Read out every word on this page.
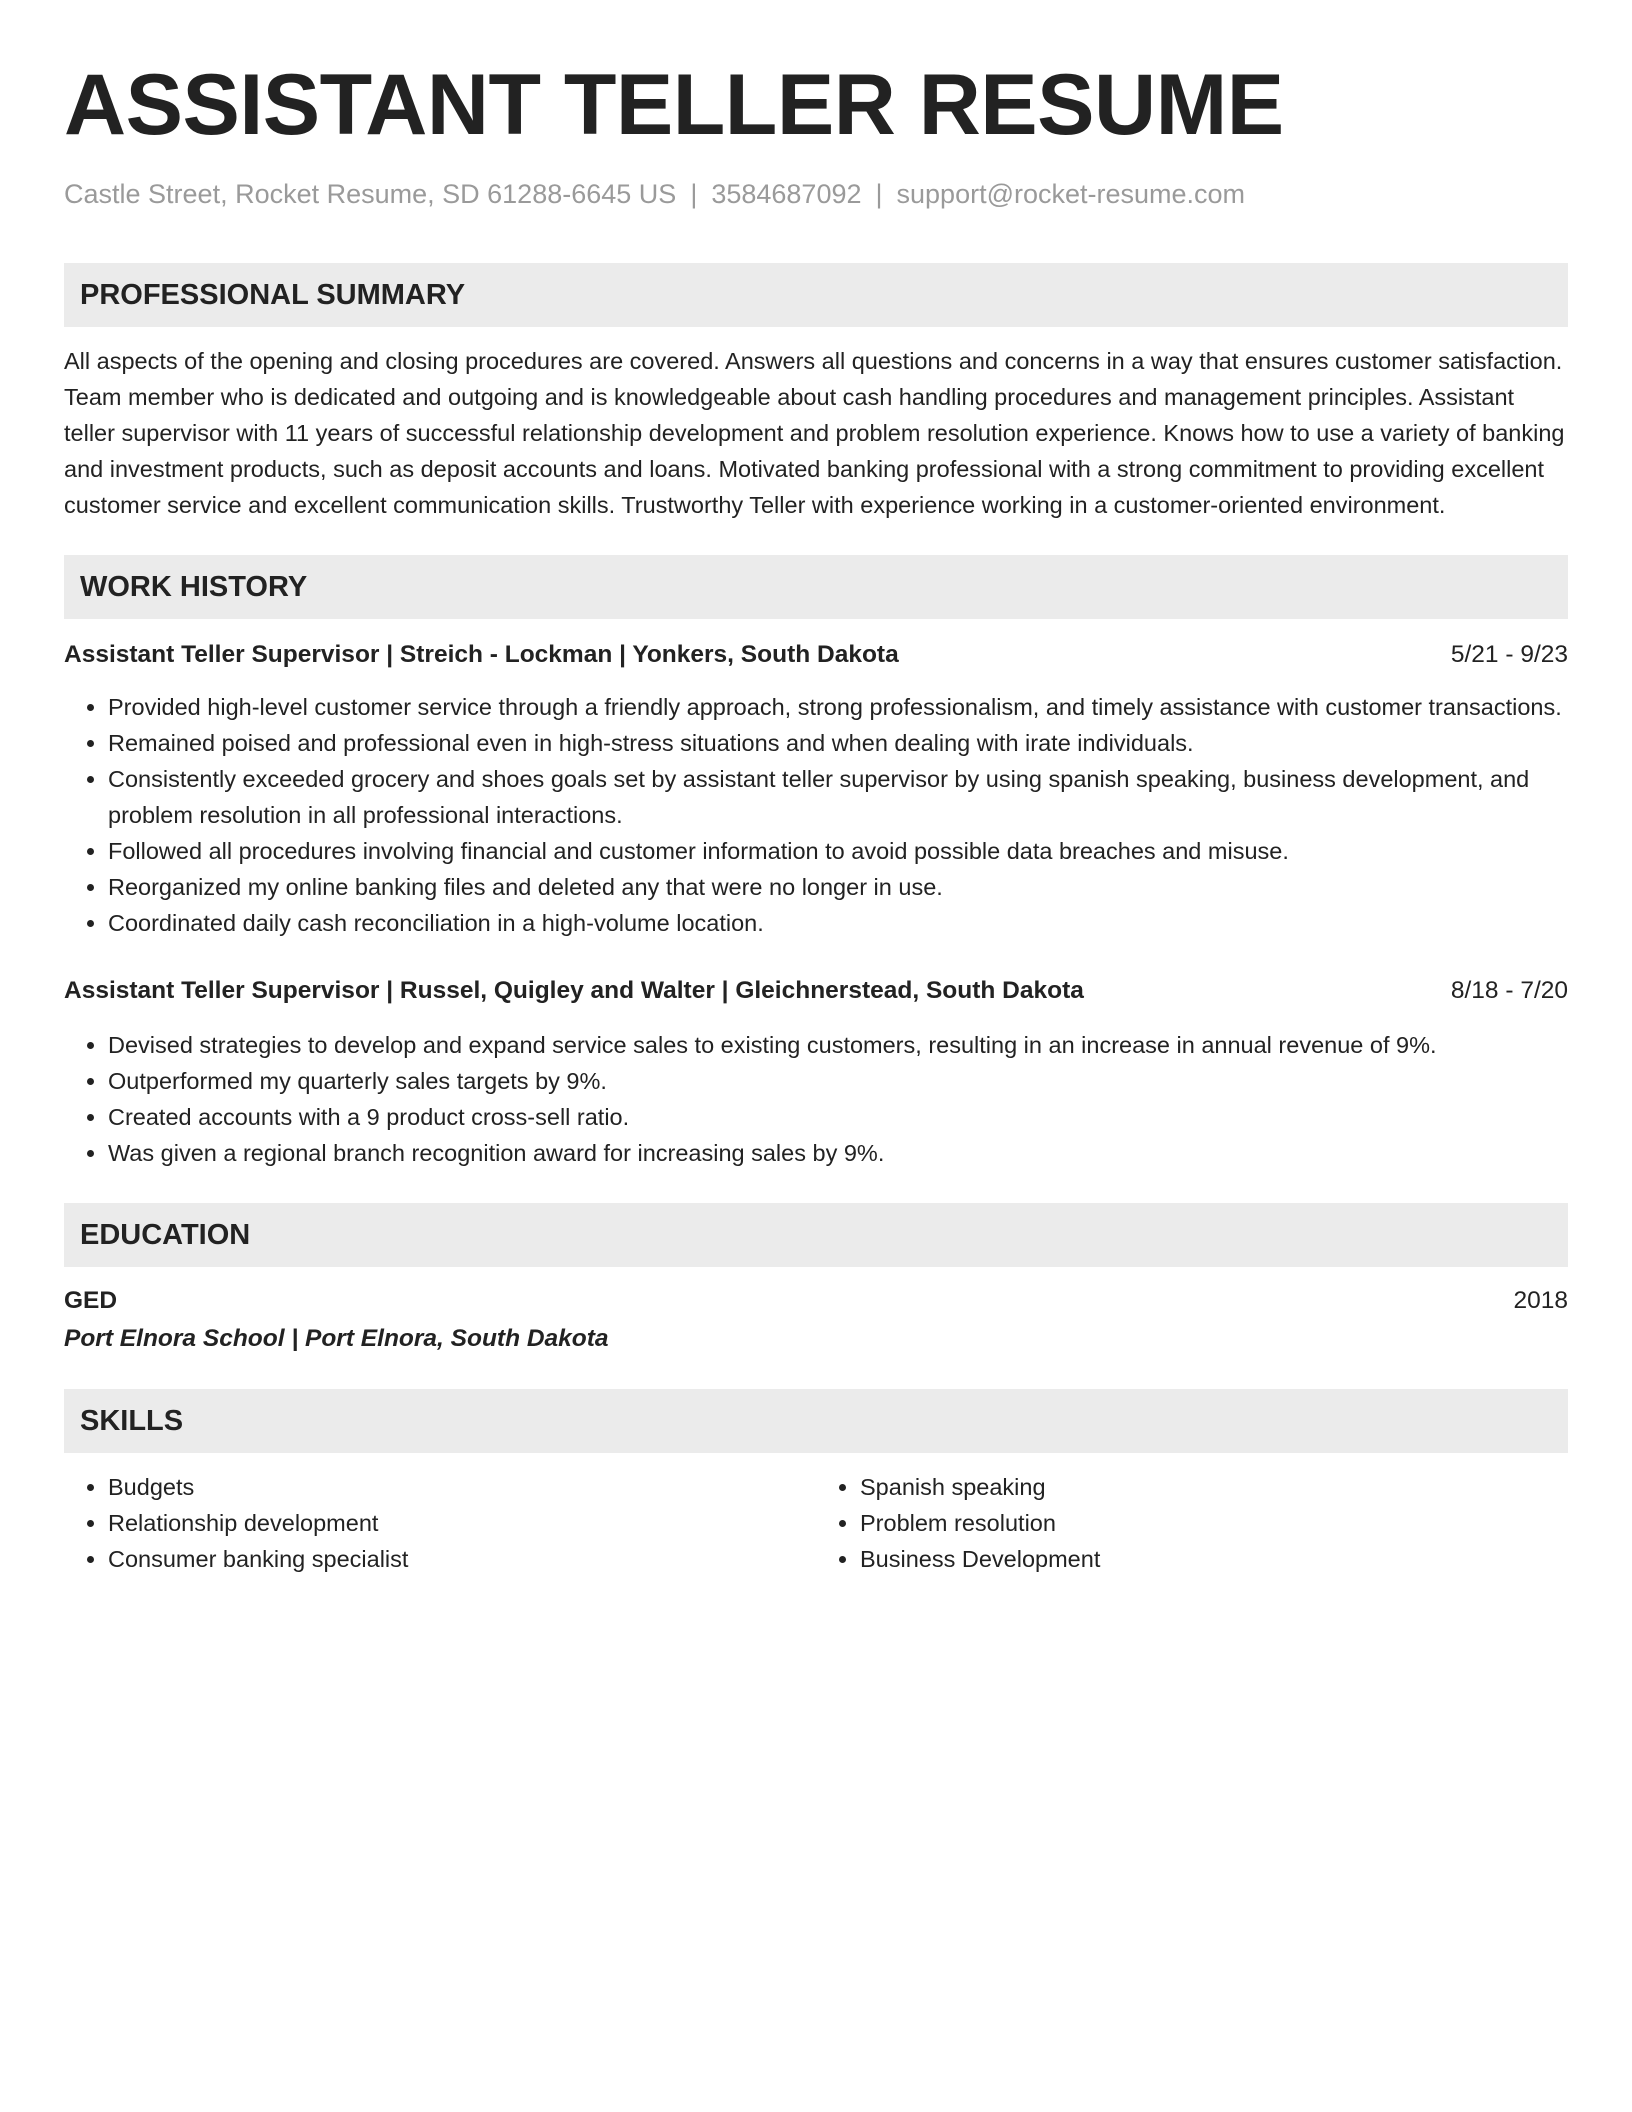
ASSISTANT TELLER RESUME
Castle Street, Rocket Resume, SD 61288-6645 US | 3584687092 | support@rocket-resume.com
PROFESSIONAL SUMMARY
All aspects of the opening and closing procedures are covered. Answers all questions and concerns in a way that ensures customer satisfaction. Team member who is dedicated and outgoing and is knowledgeable about cash handling procedures and management principles. Assistant teller supervisor with 11 years of successful relationship development and problem resolution experience. Knows how to use a variety of banking and investment products, such as deposit accounts and loans. Motivated banking professional with a strong commitment to providing excellent customer service and excellent communication skills. Trustworthy Teller with experience working in a customer-oriented environment.
WORK HISTORY
Assistant Teller Supervisor | Streich - Lockman | Yonkers, South Dakota	5/21 - 9/23
• Provided high-level customer service through a friendly approach, strong professionalism, and timely assistance with customer transactions.
• Remained poised and professional even in high-stress situations and when dealing with irate individuals.
• Consistently exceeded grocery and shoes goals set by assistant teller supervisor by using spanish speaking, business development, and problem resolution in all professional interactions.
• Followed all procedures involving financial and customer information to avoid possible data breaches and misuse.
• Reorganized my online banking files and deleted any that were no longer in use.
• Coordinated daily cash reconciliation in a high-volume location.
Assistant Teller Supervisor | Russel, Quigley and Walter | Gleichnerstead, South Dakota	8/18 - 7/20
• Devised strategies to develop and expand service sales to existing customers, resulting in an increase in annual revenue of 9%.
• Outperformed my quarterly sales targets by 9%.
• Created accounts with a 9 product cross-sell ratio.
• Was given a regional branch recognition award for increasing sales by 9%.
EDUCATION
GED	2018
Port Elnora School | Port Elnora, South Dakota
SKILLS
• Budgets
• Relationship development
• Consumer banking specialist
• Spanish speaking
• Problem resolution
• Business Development
